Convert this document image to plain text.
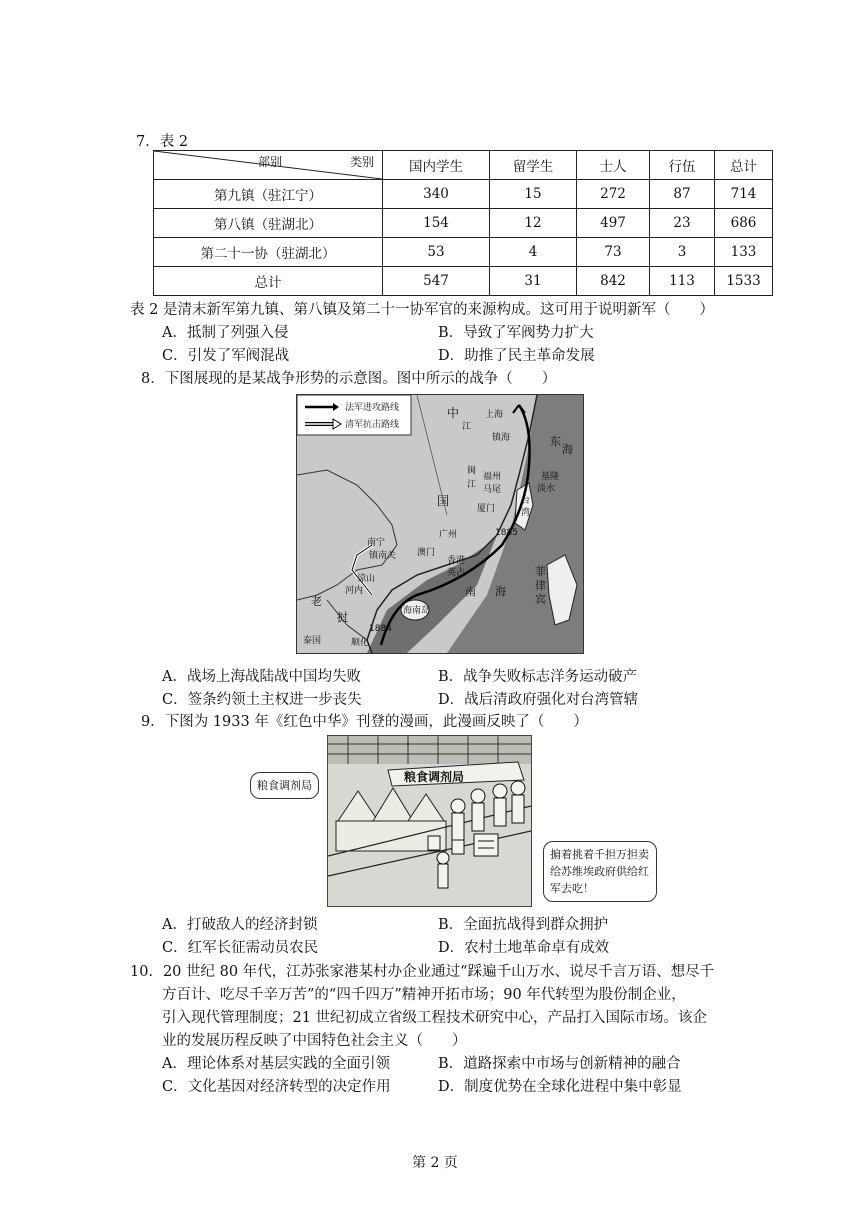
7．表 2
部别 类别	国内学生	留学生	士人	行伍	总计
第九镇（驻江宁）	340	15	272	87	714
第八镇（驻湖北）	154	12	497	23	686
第二十一协（驻湖北）	53	4	73	3	133
总计	547	31	842	113	1533
表 2 是清末新军第九镇、第八镇及第二十一协军官的来源构成。这可用于说明新军（　　）
A．抵制了列强入侵	B．导致了军阀势力扩大
C．引发了军阀混战	D．助推了民主革命发展
8．下图展现的是某战争形势的示意图。图中所示的战争（　　）
法军进攻路线
清军抗击路线
中
江
上海
镇海	东
海
闽
江
福州
马尾
厦门
淡水
基隆
1885
广州
国
南宁
镇南关
谅山
澳门
香港
英占
老
河内
海南岛
南 海
挝
泰国	顺化
菲
律
宾
1884
台
湾
A．战场上海战陆战中国均失败	B．战争失败标志洋务运动破产
C．签条约领土主权进一步丧失	D．战后清政府强化对台湾管辖
9．下图为 1933 年《红色中华》刊登的漫画，此漫画反映了（　　）
粮食调剂局
粮食调剂局
掮着挑着千担万担卖给苏维埃政府供给红军去吃！
A．打破敌人的经济封锁	B．全面抗战得到群众拥护
C．红军长征需动员农民	D．农村土地革命卓有成效
10．20 世纪 80 年代，江苏张家港某村办企业通过“踩遍千山万水、说尽千言万语、想尽千
方百计、吃尽千辛万苦”的“四千四万”精神开拓市场；90 年代转型为股份制企业，
引入现代管理制度；21 世纪初成立省级工程技术研究中心，产品打入国际市场。该企
业的发展历程反映了中国特色社会主义（　　）
A．理论体系对基层实践的全面引领	B．道路探索中市场与创新精神的融合
C．文化基因对经济转型的决定作用	D．制度优势在全球化进程中集中彰显
第 2 页
